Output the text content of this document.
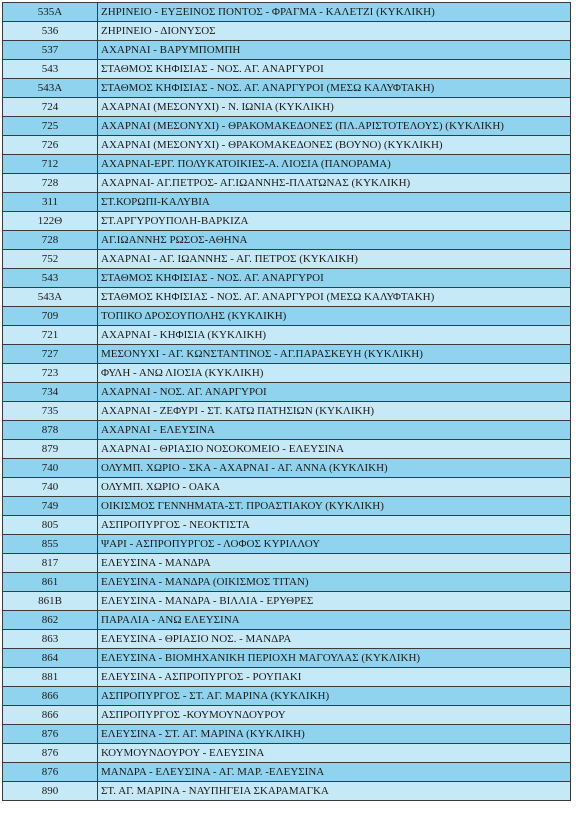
535Α	ΖΗΡΙΝΕΙΟ - ΕΥΞΕΙΝΟΣ ΠΟΝΤΟΣ - ΦΡΑΓΜΑ - ΚΑΛΕΤΖΙ (ΚΥΚΛΙΚΗ)
536	ΖΗΡΙΝΕΙΟ - ΔΙΟΝΥΣΟΣ
537	ΑΧΑΡΝΑΙ - ΒΑΡΥΜΠΟΜΠΗ
543	ΣΤΑΘΜΟΣ ΚΗΦΙΣΙΑΣ - ΝΟΣ. ΑΓ. ΑΝΑΡΓΥΡΟΙ
543Α	ΣΤΑΘΜΟΣ ΚΗΦΙΣΙΑΣ - ΝΟΣ. ΑΓ. ΑΝΑΡΓΥΡΟΙ (ΜΕΣΩ ΚΑΛΥΦΤΑΚΗ)
724	ΑΧΑΡΝΑΙ (ΜΕΣΟΝΥΧΙ) - Ν. ΙΩΝΙΑ (ΚΥΚΛΙΚΗ)
725	ΑΧΑΡΝΑΙ (ΜΕΣΟΝΥΧΙ) - ΘΡΑΚΟΜΑΚΕΔΟΝΕΣ (ΠΛ.ΑΡΙΣΤΟΤΕΛΟΥΣ) (ΚΥΚΛΙΚΗ)
726	ΑΧΑΡΝΑΙ (ΜΕΣΟΝΥΧΙ) - ΘΡΑΚΟΜΑΚΕΔΟΝΕΣ (ΒΟΥΝΟ) (ΚΥΚΛΙΚΗ)
712	ΑΧΑΡΝΑΙ-ΕΡΓ. ΠΟΛΥΚΑΤΟΙΚΙΕΣ-Α. ΛΙΟΣΙΑ (ΠΑΝΟΡΑΜΑ)
728	ΑΧΑΡΝΑΙ- ΑΓ.ΠΕΤΡΟΣ- ΑΓ.ΙΩΑΝΝΗΣ-ΠΛΑΤΩΝΑΣ (ΚΥΚΛΙΚΗ)
311	ΣΤ.ΚΟΡΩΠΙ-ΚΑΛΥΒΙΑ
122Θ	ΣΤ.ΑΡΓΥΡΟΥΠΟΛΗ-ΒΑΡΚΙΖΑ
728	ΑΓ.ΙΩΑΝΝΗΣ ΡΩΣΟΣ-ΑΘΗΝΑ
752	ΑΧΑΡΝΑΙ - ΑΓ. ΙΩΑΝΝΗΣ - ΑΓ. ΠΕΤΡΟΣ (ΚΥΚΛΙΚΗ)
543	ΣΤΑΘΜΟΣ ΚΗΦΙΣΙΑΣ - ΝΟΣ. ΑΓ. ΑΝΑΡΓΥΡΟΙ
543Α	ΣΤΑΘΜΟΣ ΚΗΦΙΣΙΑΣ - ΝΟΣ. ΑΓ. ΑΝΑΡΓΥΡΟΙ (ΜΕΣΩ ΚΑΛΥΦΤΑΚΗ)
709	ΤΟΠΙΚΟ ΔΡΟΣΟΥΠΟΛΗΣ (ΚΥΚΛΙΚΗ)
721	ΑΧΑΡΝΑΙ - ΚΗΦΙΣΙΑ (ΚΥΚΛΙΚΗ)
727	ΜΕΣΟΝΥΧΙ - ΑΓ. ΚΩΝΣΤΑΝΤΙΝΟΣ - ΑΓ.ΠΑΡΑΣΚΕΥΗ (ΚΥΚΛΙΚΗ)
723	ΦΥΛΗ - ΑΝΩ ΛΙΟΣΙΑ (ΚΥΚΛΙΚΗ)
734	ΑΧΑΡΝΑΙ - ΝΟΣ. ΑΓ. ΑΝΑΡΓΥΡΟΙ
735	ΑΧΑΡΝΑΙ - ΖΕΦΥΡΙ - ΣΤ. ΚΑΤΩ ΠΑΤΗΣΙΩΝ (ΚΥΚΛΙΚΗ)
878	ΑΧΑΡΝΑΙ - ΕΛΕΥΣΙΝΑ
879	ΑΧΑΡΝΑΙ - ΘΡΙΑΣΙΟ ΝΟΣΟΚΟΜΕΙΟ - ΕΛΕΥΣΙΝΑ
740	ΟΛΥΜΠ. ΧΩΡΙΟ - ΣΚΑ - ΑΧΑΡΝΑΙ - ΑΓ. ΑΝΝΑ (ΚΥΚΛΙΚΗ)
740	ΟΛΥΜΠ. ΧΩΡΙΟ - ΟΑΚΑ
749	ΟΙΚΙΣΜΟΣ ΓΕΝΝΗΜΑΤΑ-ΣΤ. ΠΡΟΑΣΤΙΑΚΟΥ (ΚΥΚΛΙΚΗ)
805	ΑΣΠΡΟΠΥΡΓΟΣ - ΝΕΟΚΤΙΣΤΑ
855	ΨΑΡΙ - ΑΣΠΡΟΠΥΡΓΟΣ - ΛΟΦΟΣ ΚΥΡΙΛΛΟΥ
817	ΕΛΕΥΣΙΝΑ - ΜΑΝΔΡΑ
861	ΕΛΕΥΣΙΝΑ - ΜΑΝΔΡΑ (ΟΙΚΙΣΜΟΣ ΤΙΤΑΝ)
861Β	ΕΛΕΥΣΙΝΑ - ΜΑΝΔΡΑ - ΒΙΛΛΙΑ - ΕΡΥΘΡΕΣ
862	ΠΑΡΑΛΙΑ - ΑΝΩ ΕΛΕΥΣΙΝΑ
863	ΕΛΕΥΣΙΝΑ - ΘΡΙΑΣΙΟ ΝΟΣ. - ΜΑΝΔΡΑ
864	ΕΛΕΥΣΙΝΑ - ΒΙΟΜΗΧΑΝΙΚΗ ΠΕΡΙΟΧΗ ΜΑΓΟΥΛΑΣ (ΚΥΚΛΙΚΗ)
881	ΕΛΕΥΣΙΝΑ - ΑΣΠΡΟΠΥΡΓΟΣ - ΡΟΥΠΑΚΙ
866	ΑΣΠΡΟΠΥΡΓΟΣ - ΣΤ. ΑΓ. ΜΑΡΙΝΑ (ΚΥΚΛΙΚΗ)
866	ΑΣΠΡΟΠΥΡΓΟΣ -ΚΟΥΜΟΥΝΔΟΥΡΟΥ
876	ΕΛΕΥΣΙΝΑ - ΣΤ. ΑΓ. ΜΑΡΙΝΑ (ΚΥΚΛΙΚΗ)
876	ΚΟΥΜΟΥΝΔΟΥΡΟΥ - ΕΛΕΥΣΙΝΑ
876	ΜΑΝΔΡΑ - ΕΛΕΥΣΙΝΑ - ΑΓ. ΜΑΡ. -ΕΛΕΥΣΙΝΑ
890	ΣΤ. ΑΓ. ΜΑΡΙΝΑ - ΝΑΥΠΗΓΕΙΑ ΣΚΑΡΑΜΑΓΚΑ
